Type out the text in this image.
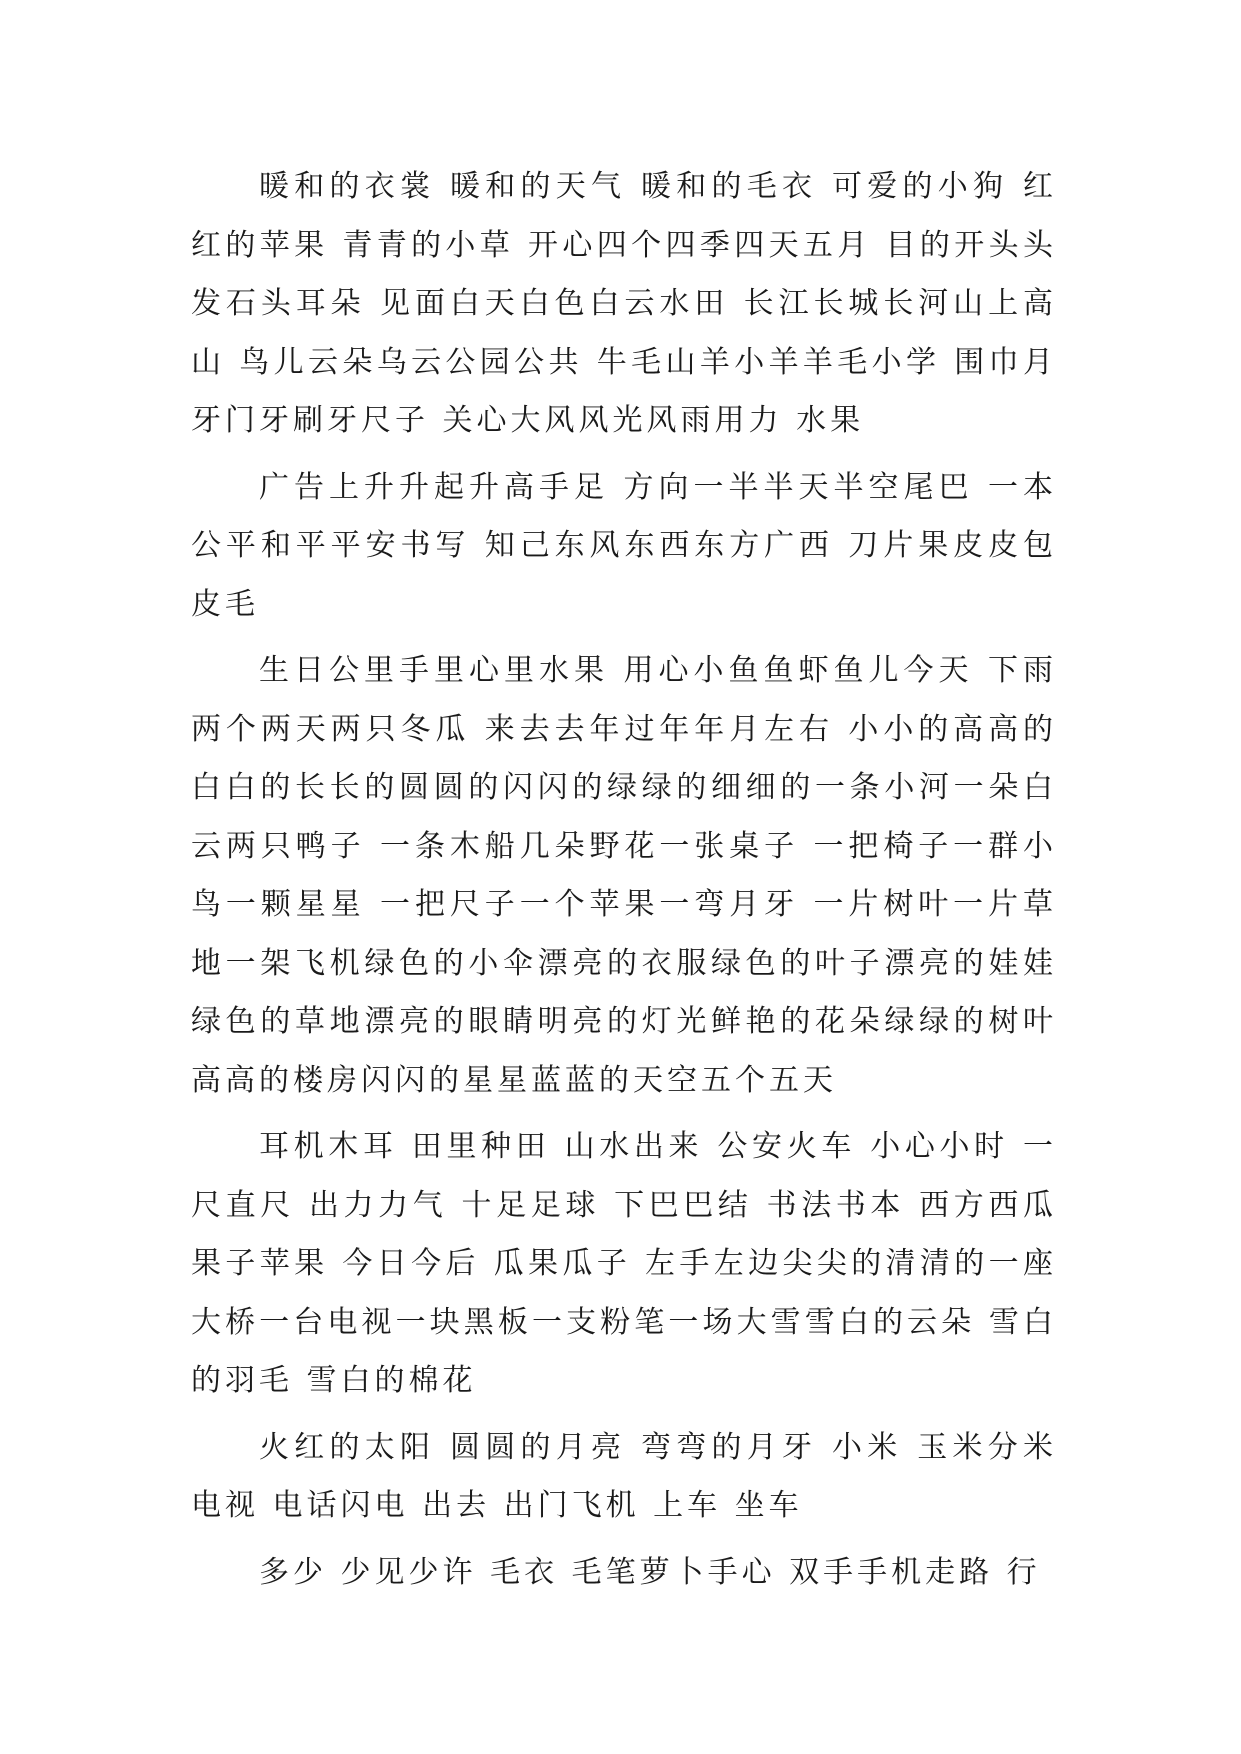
暖和的衣裳 暖和的天气 暖和的毛衣 可爱的小狗 红红的苹果 青青的小草 开心四个四季四天五月 目的开头头发石头耳朵 见面白天白色白云水田 长江长城长河山上高山 鸟儿云朵乌云公园公共 牛毛山羊小羊羊毛小学 围巾月牙门牙刷牙尺子 关心大风风光风雨用力 水果

广告上升升起升高手足 方向一半半天半空尾巴 一本公平和平平安书写 知己东风东西东方广西 刀片果皮皮包皮毛

生日公里手里心里水果 用心小鱼鱼虾鱼儿今天 下雨两个两天两只冬瓜 来去去年过年年月左右 小小的高高的白白的长长的圆圆的闪闪的绿绿的细细的一条小河一朵白云两只鸭子 一条木船几朵野花一张桌子 一把椅子一群小鸟一颗星星 一把尺子一个苹果一弯月牙 一片树叶一片草地一架飞机绿色的小伞漂亮的衣服绿色的叶子漂亮的娃娃绿色的草地漂亮的眼睛明亮的灯光鲜艳的花朵绿绿的树叶高高的楼房闪闪的星星蓝蓝的天空五个五天

耳机木耳 田里种田 山水出来 公安火车 小心小时 一尺直尺 出力力气 十足足球 下巴巴结 书法书本 西方西瓜果子苹果 今日今后 瓜果瓜子 左手左边尖尖的清清的一座大桥一台电视一块黑板一支粉笔一场大雪雪白的云朵 雪白的羽毛 雪白的棉花

火红的太阳 圆圆的月亮 弯弯的月牙 小米 玉米分米电视 电话闪电 出去 出门飞机 上车 坐车

多少 少见少许 毛衣 毛笔萝卜手心 双手手机走路 行
